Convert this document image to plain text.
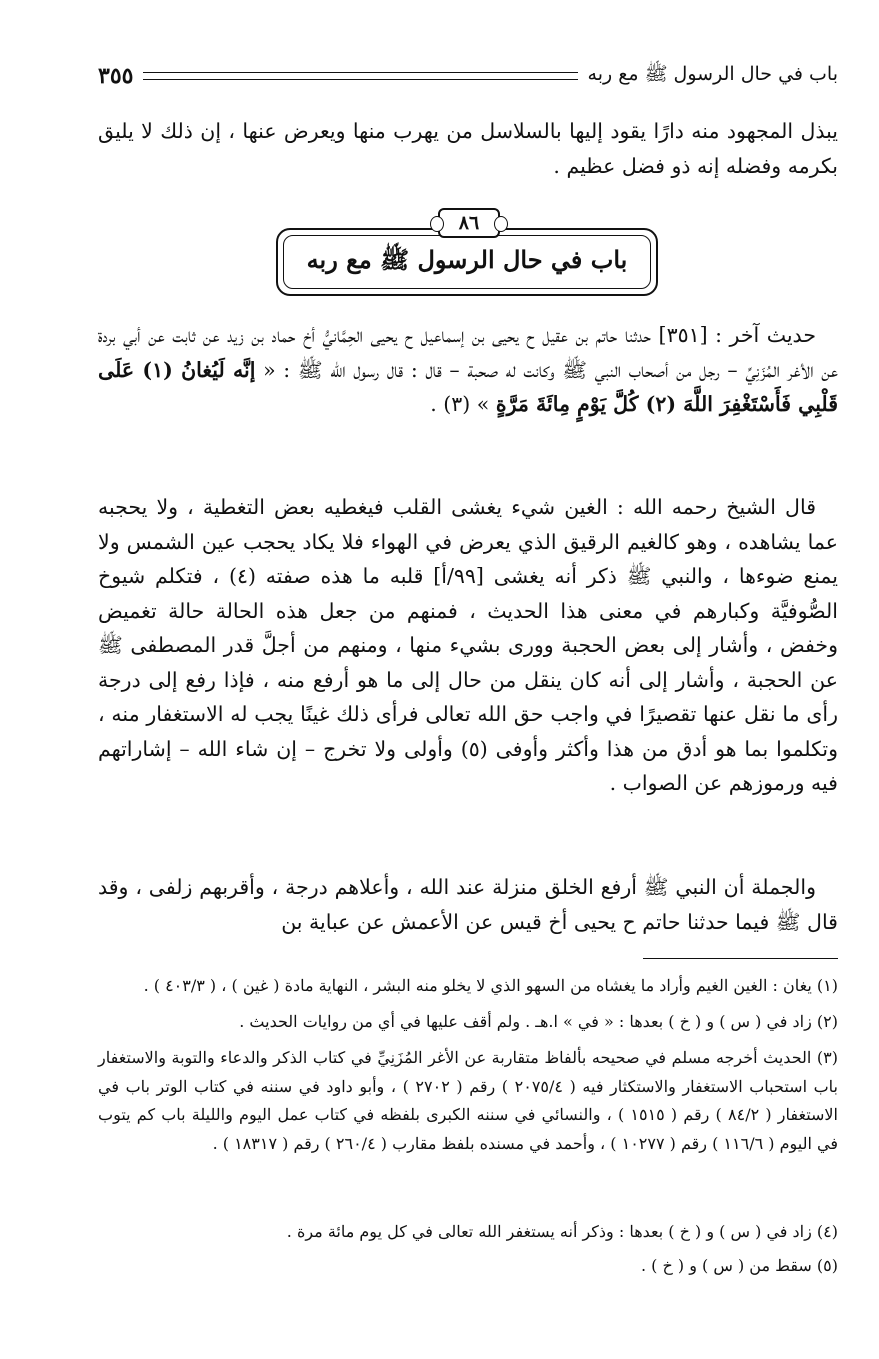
باب في حال الرسول ﷺ مع ربه
٣٥٥

يبذل المجهود منه دارًا يقود إليها بالسلاسل من يهرب منها ويعرض عنها ، إن ذلك لا يليق بكرمه وفضله إنه ذو فضل عظيم .

٨٦
باب في حال الرسول ﷺ مع ربه

حديث آخر : [٣٥١] حدثنا حاتم بن عقيل ح يحيى بن إسماعيل ح يحيى الحِمَّانيُّ أخ حماد بن زيد عن ثابت عن أبي بردة عن الأغر المُزَنِيِّ – رجل من أصحاب النبي ﷺ وكانت له صحبة – قال : قال رسول الله ﷺ : « إنَّه لَيُغانُ (١) عَلَى قَلْبِي فَأَسْتَغْفِرَ اللَّهَ (٢) كُلَّ يَوْمٍ مِائَةَ مَرَّةٍ » (٣) .

قال الشيخ رحمه الله : الغين شيء يغشى القلب فيغطيه بعض التغطية ، ولا يحجبه عما يشاهده ، وهو كالغيم الرقيق الذي يعرض في الهواء فلا يكاد يحجب عين الشمس ولا يمنع ضوءها ، والنبي ﷺ ذكر أنه يغشى [٩٩/أ] قلبه ما هذه صفته (٤) ، فتكلم شيوخ الصُّوفيَّة وكبارهم في معنى هذا الحديث ، فمنهم من جعل هذه الحالة حالة تغميض وخفض ، وأشار إلى بعض الحجبة وورى بشيء منها ، ومنهم من أجلَّ قدر المصطفى ﷺ عن الحجبة ، وأشار إلى أنه كان ينقل من حال إلى ما هو أرفع منه ، فإذا رفع إلى درجة رأى ما نقل عنها تقصيرًا في واجب حق الله تعالى فرأى ذلك غينًا يجب له الاستغفار منه ، وتكلموا بما هو أدق من هذا وأكثر وأوفى (٥) وأولى ولا تخرج – إن شاء الله – إشاراتهم فيه ورموزهم عن الصواب .

والجملة أن النبي ﷺ أرفع الخلق منزلة عند الله ، وأعلاهم درجة ، وأقربهم زلفى ، وقد قال ﷺ فيما حدثنا حاتم ح يحيى أخ قيس عن الأعمش عن عباية بن

(١) يغان : الغين الغيم وأراد ما يغشاه من السهو الذي لا يخلو منه البشر ، النهاية مادة ( غين ) ، ( ٤٠٣/٣ ) .

(٢) زاد في ( س ) و ( خ ) بعدها : « في » ا.هـ . ولم أقف عليها في أي من روايات الحديث .

(٣) الحديث أخرجه مسلم في صحيحه بألفاظ متقاربة عن الأغر المُزَنِيِّ في كتاب الذكر والدعاء والتوبة والاستغفار باب استحباب الاستغفار والاستكثار فيه ( ٢٠٧٥/٤ ) رقم ( ٢٧٠٢ ) ، وأبو داود في سننه في كتاب الوتر باب في الاستغفار ( ٨٤/٢ ) رقم ( ١٥١٥ ) ، والنسائي في سننه الكبرى بلفظه في كتاب عمل اليوم والليلة باب كم يتوب في اليوم ( ١١٦/٦ ) رقم ( ١٠٢٧٧ ) ، وأحمد في مسنده بلفظ مقارب ( ٢٦٠/٤ ) رقم ( ١٨٣١٧ ) .

(٤) زاد في ( س ) و ( خ ) بعدها : وذكر أنه يستغفر الله تعالى في كل يوم مائة مرة .

(٥) سقط من ( س ) و ( خ ) .
